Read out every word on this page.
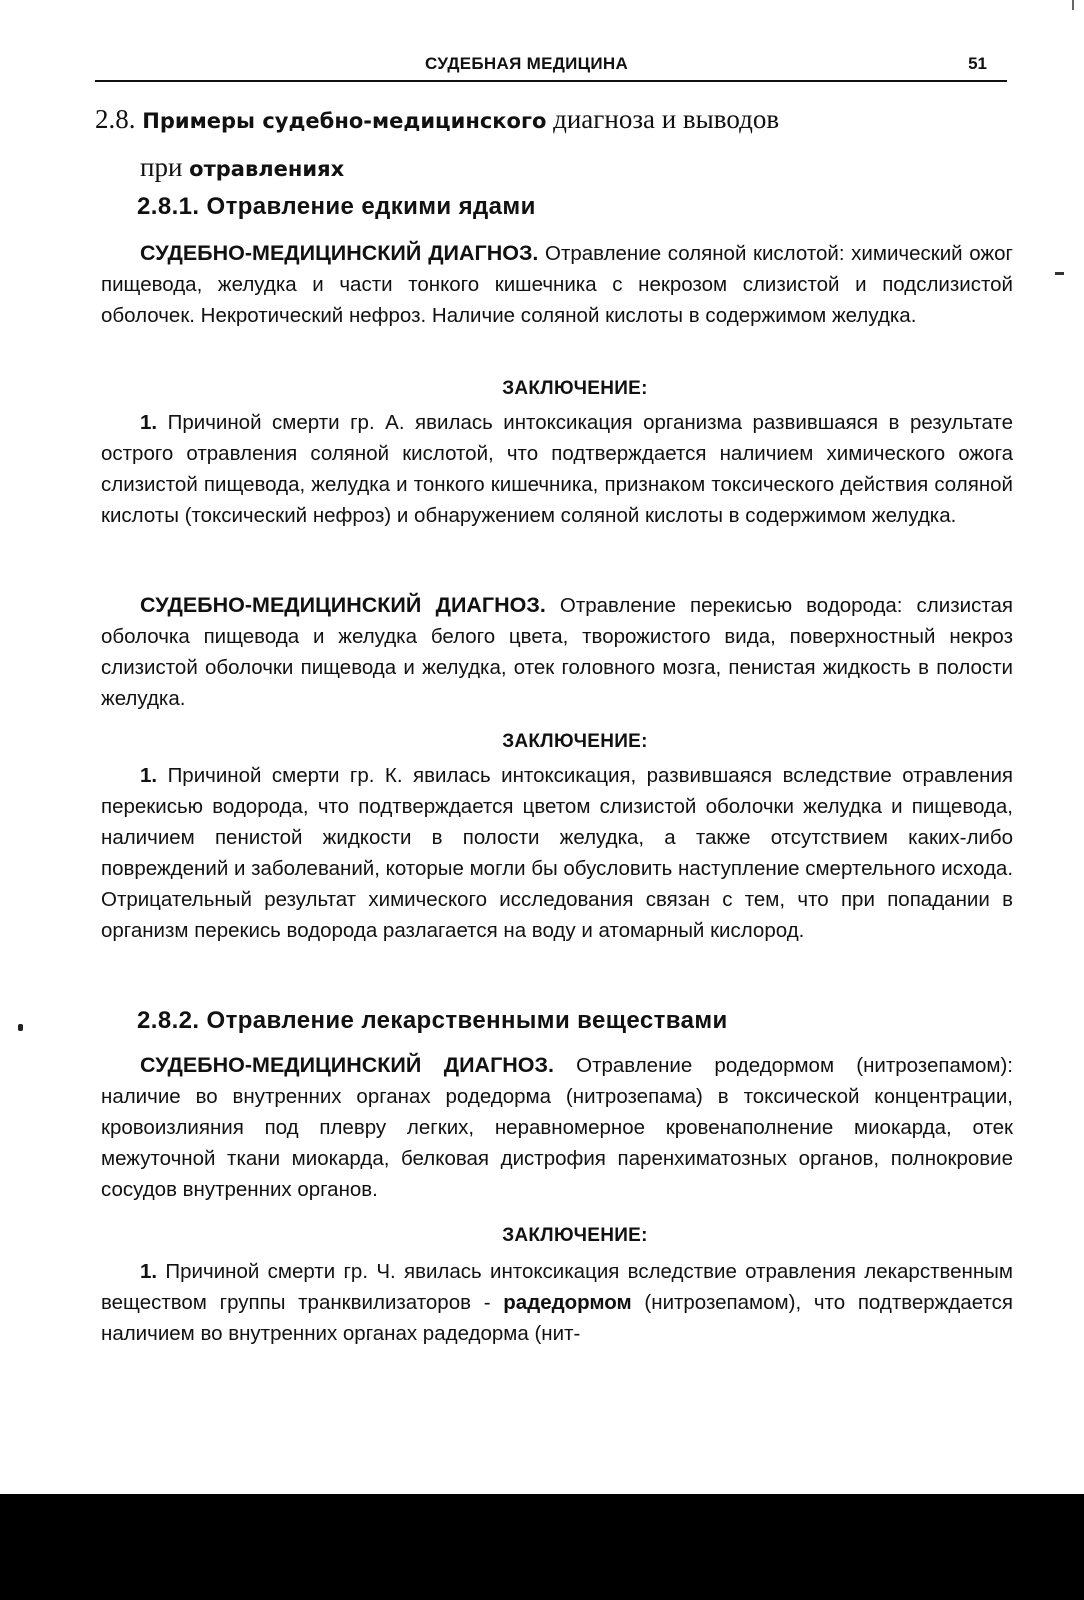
СУДЕБНАЯ МЕДИЦИНА	51
2.8. Примеры судебно-медицинского диагноза и выводов
при отравлениях
2.8.1. Отравление едкими ядами
СУДЕБНО-МЕДИЦИНСКИЙ ДИАГНОЗ. Отравление соляной кислотой: химический ожог пищевода, желудка и части тонкого кишечника с некрозом слизистой и подслизистой оболочек. Некротический нефроз. Наличие соляной кислоты в содержимом желудка.
ЗАКЛЮЧЕНИЕ:
1. Причиной смерти гр. А. явилась интоксикация организма развившаяся в результате острого отравления соляной кислотой, что подтверждается наличием химического ожога слизистой пищевода, желудка и тонкого кишечника, признаком токсического действия соляной кислоты (токсический нефроз) и обнаружением соляной кислоты в содержимом желудка.
СУДЕБНО-МЕДИЦИНСКИЙ ДИАГНОЗ. Отравление перекисью водорода: слизистая оболочка пищевода и желудка белого цвета, творожистого вида, поверхностный некроз слизистой оболочки пищевода и желудка, отек головного мозга, пенистая жидкость в полости желудка.
ЗАКЛЮЧЕНИЕ:
1. Причиной смерти гр. К. явилась интоксикация, развившаяся вследствие отравления перекисью водорода, что подтверждается цветом слизистой оболочки желудка и пищевода, наличием пенистой жидкости в полости желудка, а также отсутствием каких-либо повреждений и заболеваний, которые могли бы обусловить наступление смертельного исхода. Отрицательный результат химического исследования связан с тем, что при попадании в организм перекись водорода разлагается на воду и атомарный кислород.
2.8.2. Отравление лекарственными веществами
СУДЕБНО-МЕДИЦИНСКИЙ ДИАГНОЗ. Отравление родедормом (нитрозепамом): наличие во внутренних органах родедорма (нитрозепама) в токсической концентрации, кровоизлияния под плевру легких, неравномерное кровенаполнение миокарда, отек межуточной ткани миокарда, белковая дистрофия паренхиматозных органов, полнокровие сосудов внутренних органов.
ЗАКЛЮЧЕНИЕ:
1. Причиной смерти гр. Ч. явилась интоксикация вследствие отравления лекарственным веществом группы транквилизаторов - радедормом (нитрозепамом), что подтверждается наличием во внутренних органах радедорма (нит-
